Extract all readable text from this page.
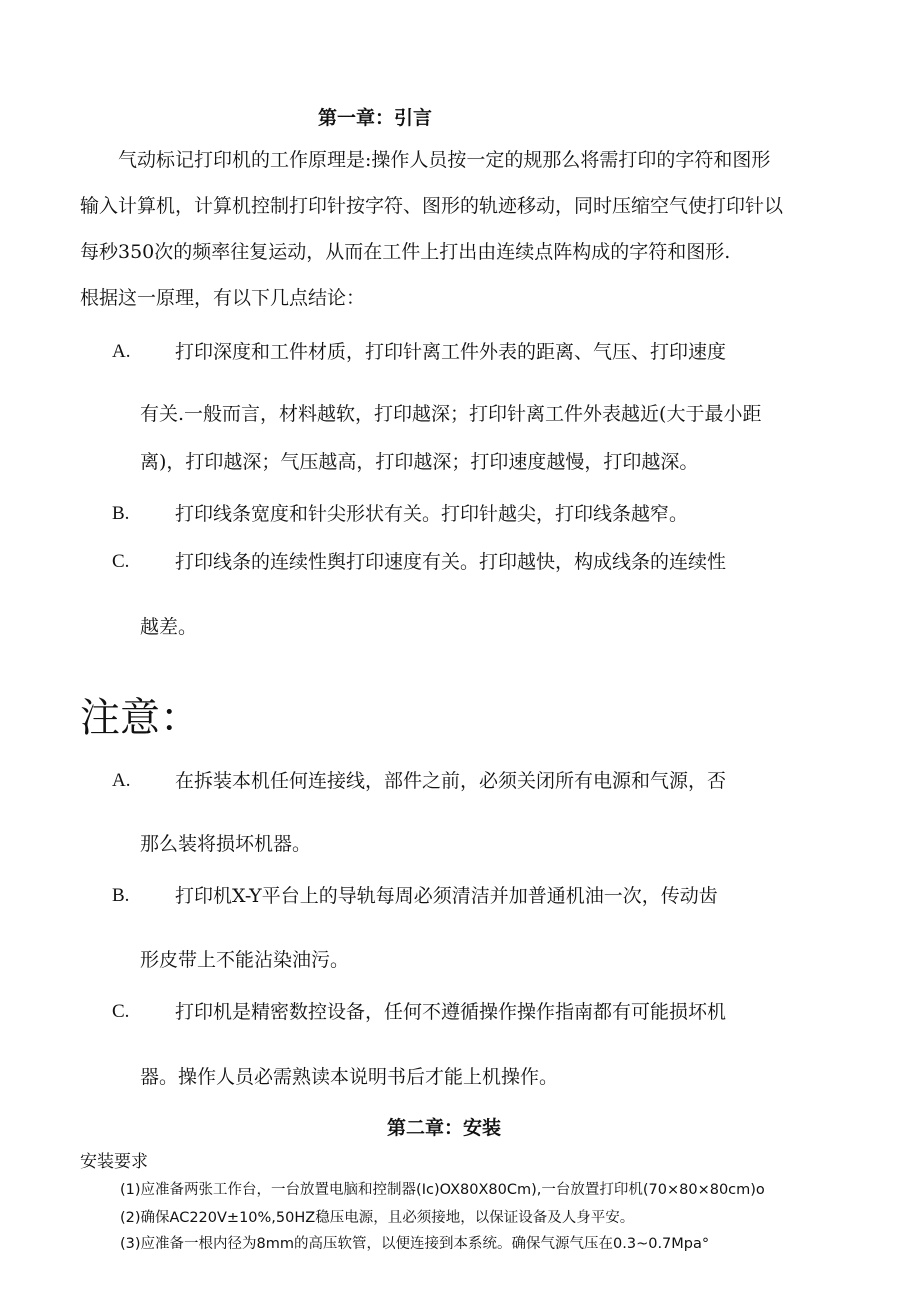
第一章：引言
气动标记打印机的工作原理是:操作人员按一定的规那么将需打印的字符和图形
输入计算机，计算机控制打印针按字符、图形的轨迹移动，同时压缩空气使打印针以
每秒350次的频率往复运动，从而在工件上打出由连续点阵构成的字符和图形.
根据这一原理，有以下几点结论：
A. 打印深度和工件材质，打印针离工件外表的距离、气压、打印速度
有关.一般而言，材料越软，打印越深；打印针离工件外表越近(大于最小距
离)，打印越深；气压越高，打印越深；打印速度越慢，打印越深。
B. 打印线条宽度和针尖形状有关。打印针越尖，打印线条越窄。
C. 打印线条的连续性舆打印速度有关。打印越快，构成线条的连续性
越差。
注意：
A. 在拆装本机任何连接线，部件之前，必须关闭所有电源和气源，否
那么装将损坏机器。
B. 打印机X-Y平台上的导轨每周必须清洁并加普通机油一次，传动齿
形皮带上不能沾染油污。
C. 打印机是精密数控设备，任何不遵循操作操作指南都有可能损坏机
器。操作人员必需熟读本说明书后才能上机操作。
第二章：安装
安装要求
(1)应准备两张工作台，一台放置电脑和控制器(Ic)OX80X80Cm),一台放置打印机(70×80×80cm)o
(2)确保AC220V±10%,50HZ稳压电源，且必须接地，以保证设备及人身平安。
(3)应准备一根内径为8mm的高压软管，以便连接到本系统。确保气源气压在0.3~0.7Mpa°
